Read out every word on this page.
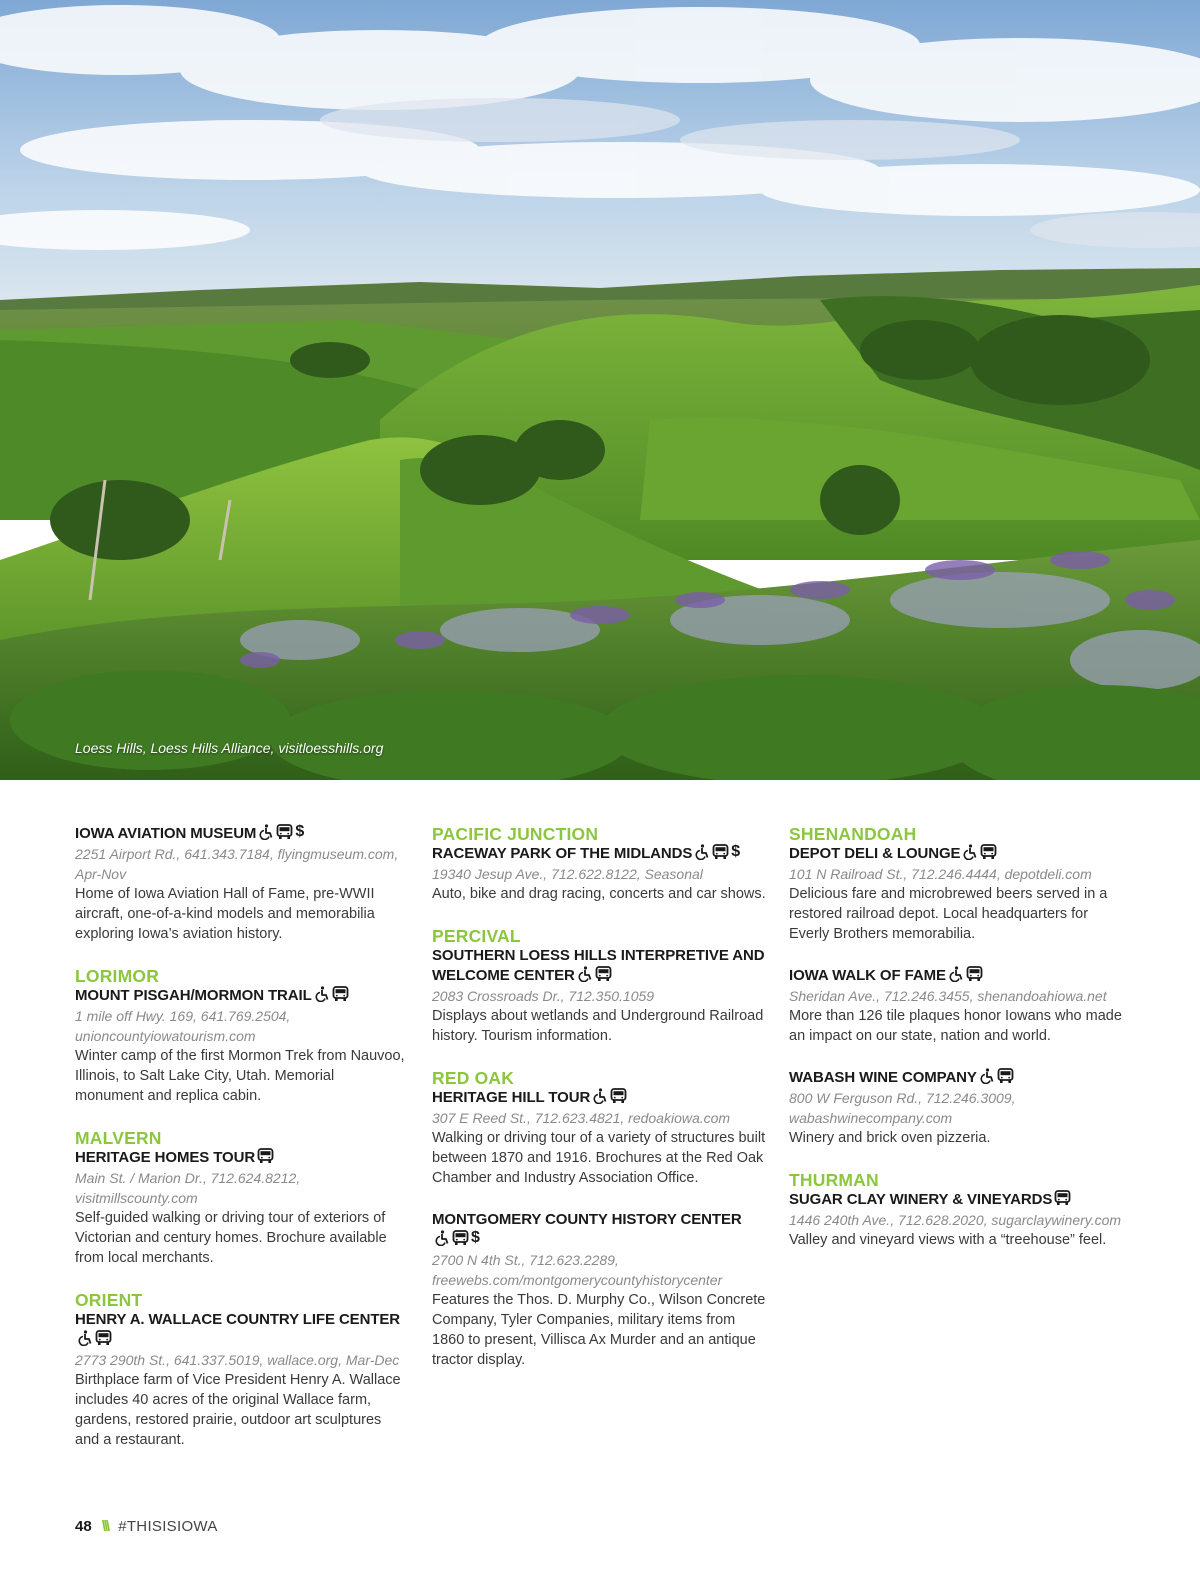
Loess Hills, Loess Hills Alliance, visitloesshills.org
IOWA AVIATION MUSEUM $
2251 Airport Rd., 641.343.7184, flyingmuseum.com, Apr-Nov
Home of Iowa Aviation Hall of Fame, pre-WWII aircraft, one-of-a-kind models and memorabilia exploring Iowa’s aviation history.
LORIMOR
MOUNT PISGAH/MORMON TRAIL
1 mile off Hwy. 169, 641.769.2504, unioncountyiowatourism.com
Winter camp of the first Mormon Trek from Nauvoo, Illinois, to Salt Lake City, Utah. Memorial monument and replica cabin.
MALVERN
HERITAGE HOMES TOUR
Main St. / Marion Dr., 712.624.8212, visitmillscounty.com
Self-guided walking or driving tour of exteriors of Victorian and century homes. Brochure available from local merchants.
ORIENT
HENRY A. WALLACE COUNTRY LIFE CENTER
2773 290th St., 641.337.5019, wallace.org, Mar-Dec
Birthplace farm of Vice President Henry A. Wallace includes 40 acres of the original Wallace farm, gardens, restored prairie, outdoor art sculptures and a restaurant.
PACIFIC JUNCTION
RACEWAY PARK OF THE MIDLANDS $
19340 Jesup Ave., 712.622.8122, Seasonal
Auto, bike and drag racing, concerts and car shows.
PERCIVAL
SOUTHERN LOESS HILLS INTERPRETIVE AND WELCOME CENTER
2083 Crossroads Dr., 712.350.1059
Displays about wetlands and Underground Railroad history. Tourism information.
RED OAK
HERITAGE HILL TOUR
307 E Reed St., 712.623.4821, redoakiowa.com
Walking or driving tour of a variety of structures built between 1870 and 1916. Brochures at the Red Oak Chamber and Industry Association Office.
MONTGOMERY COUNTY HISTORY CENTER
$
2700 N 4th St., 712.623.2289, freewebs.com/montgomerycountyhistorycenter
Features the Thos. D. Murphy Co., Wilson Concrete Company, Tyler Companies, military items from 1860 to present, Villisca Ax Murder and an antique tractor display.
SHENANDOAH
DEPOT DELI & LOUNGE
101 N Railroad St., 712.246.4444, depotdeli.com
Delicious fare and microbrewed beers served in a restored railroad depot. Local headquarters for Everly Brothers memorabilia.
IOWA WALK OF FAME
Sheridan Ave., 712.246.3455, shenandoahiowa.net
More than 126 tile plaques honor Iowans who made an impact on our state, nation and world.
WABASH WINE COMPANY
800 W Ferguson Rd., 712.246.3009, wabashwinecompany.com
Winery and brick oven pizzeria.
THURMAN
SUGAR CLAY WINERY & VINEYARDS
1446 240th Ave., 712.628.2020, sugarclaywinery.com
Valley and vineyard views with a “treehouse” feel.
48 \\\ #THISISIOWA
